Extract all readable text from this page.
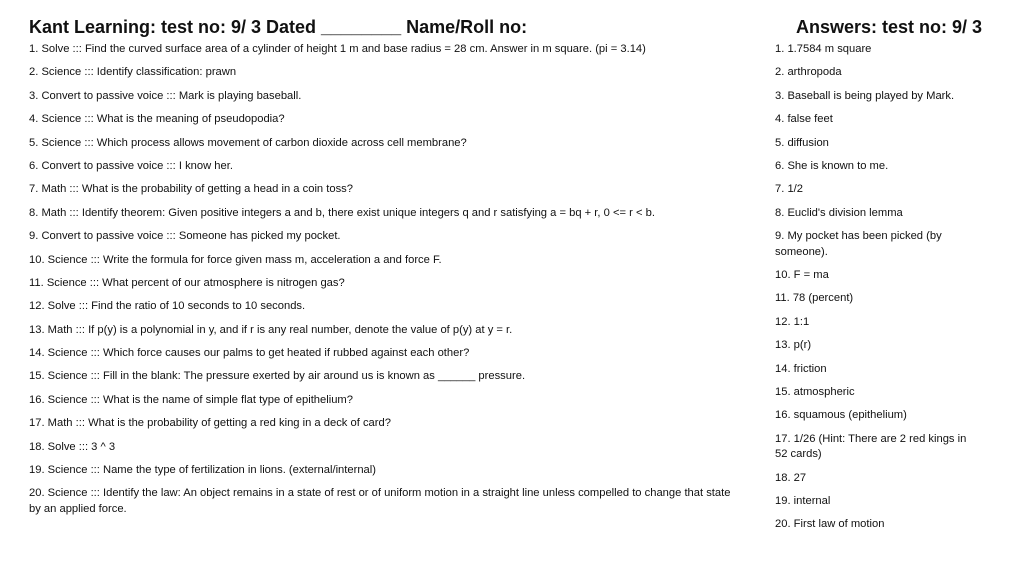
Kant Learning: test no: 9/ 3 Dated ________ Name/Roll no:
1. Solve ::: Find the curved surface area of a cylinder of height 1 m and base radius = 28 cm. Answer in m square. (pi = 3.14)
2. Science ::: Identify classification: prawn
3. Convert to passive voice ::: Mark is playing baseball.
4. Science ::: What is the meaning of pseudopodia?
5. Science ::: Which process allows movement of carbon dioxide across cell membrane?
6. Convert to passive voice ::: I know her.
7. Math ::: What is the probability of getting a head in a coin toss?
8. Math ::: Identify theorem: Given positive integers a and b, there exist unique integers q and r satisfying a = bq + r, 0 <= r < b.
9. Convert to passive voice ::: Someone has picked my pocket.
10. Science ::: Write the formula for force given mass m, acceleration a and force F.
11. Science ::: What percent of our atmosphere is nitrogen gas?
12. Solve ::: Find the ratio of 10 seconds to 10 seconds.
13. Math ::: If p(y) is a polynomial in y, and if r is any real number, denote the value of p(y) at y = r.
14. Science ::: Which force causes our palms to get heated if rubbed against each other?
15. Science ::: Fill in the blank: The pressure exerted by air around us is known as ______ pressure.
16. Science ::: What is the name of simple flat type of epithelium?
17. Math ::: What is the probability of getting a red king in a deck of card?
18. Solve ::: 3 ^ 3
19. Science ::: Name the type of fertilization in lions. (external/internal)
20. Science ::: Identify the law: An object remains in a state of rest or of uniform motion in a straight line unless compelled to change that state by an applied force.
Answers: test no: 9/ 3
1. 1.7584 m square
2. arthropoda
3. Baseball is being played by Mark.
4. false feet
5. diffusion
6. She is known to me.
7. 1/2
8. Euclid's division lemma
9. My pocket has been picked (by someone).
10. F = ma
11. 78 (percent)
12. 1:1
13. p(r)
14. friction
15. atmospheric
16. squamous (epithelium)
17. 1/26 (Hint: There are 2 red kings in 52 cards)
18. 27
19. internal
20. First law of motion
